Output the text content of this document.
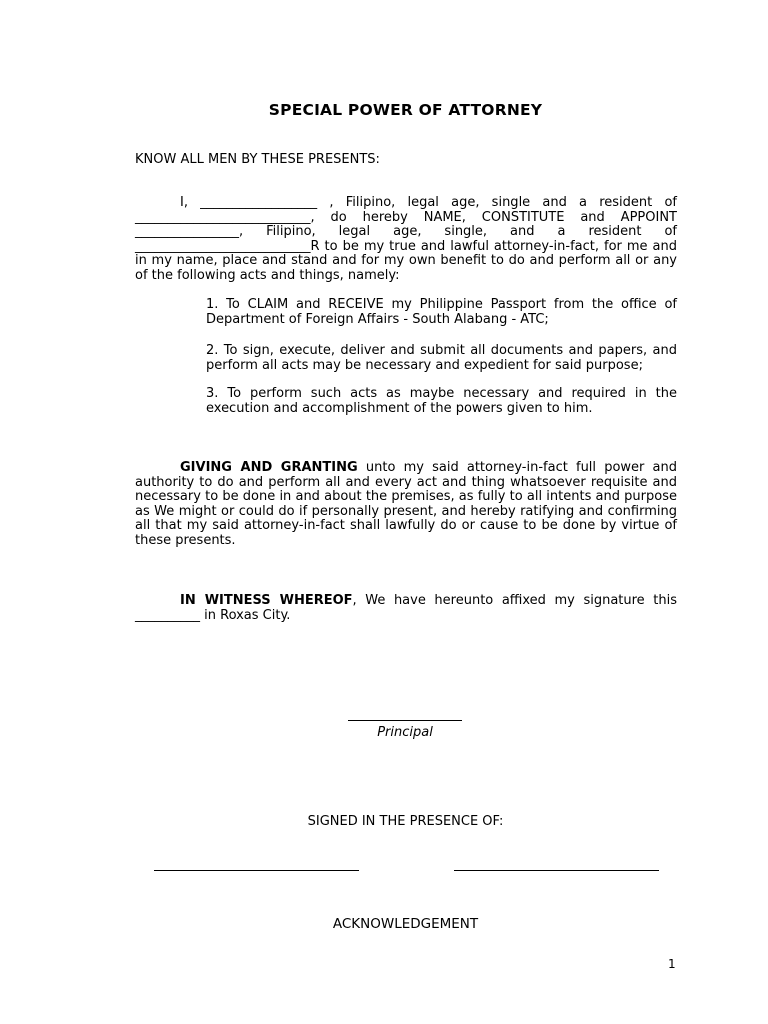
SPECIAL POWER OF ATTORNEY
KNOW ALL MEN BY THESE PRESENTS:
I, __________________ , Filipino, legal age, single and a resident of ___________________________, do hereby NAME, CONSTITUTE and APPOINT ________________, Filipino, legal age, single, and a resident of ___________________________R to be my true and lawful attorney-in-fact, for me and in my name, place and stand and for my own benefit to do and perform all or any of the following acts and things, namely:
1. To CLAIM and RECEIVE my Philippine Passport from the office of Department of Foreign Affairs - South Alabang - ATC;
2. To sign, execute, deliver and submit all documents and papers, and perform all acts may be necessary and expedient for said purpose;
3. To perform such acts as maybe necessary and required in the execution and accomplishment of the powers given to him.
GIVING AND GRANTING unto my said attorney-in-fact full power and authority to do and perform all and every act and thing whatsoever requisite and necessary to be done in and about the premises, as fully to all intents and purpose as We might or could do if personally present, and hereby ratifying and confirming all that my said attorney-in-fact shall lawfully do or cause to be done by virtue of these presents.
IN WITNESS WHEREOF, We have hereunto affixed my signature this __________ in Roxas City.
Principal
SIGNED IN THE PRESENCE OF:
ACKNOWLEDGEMENT
1
